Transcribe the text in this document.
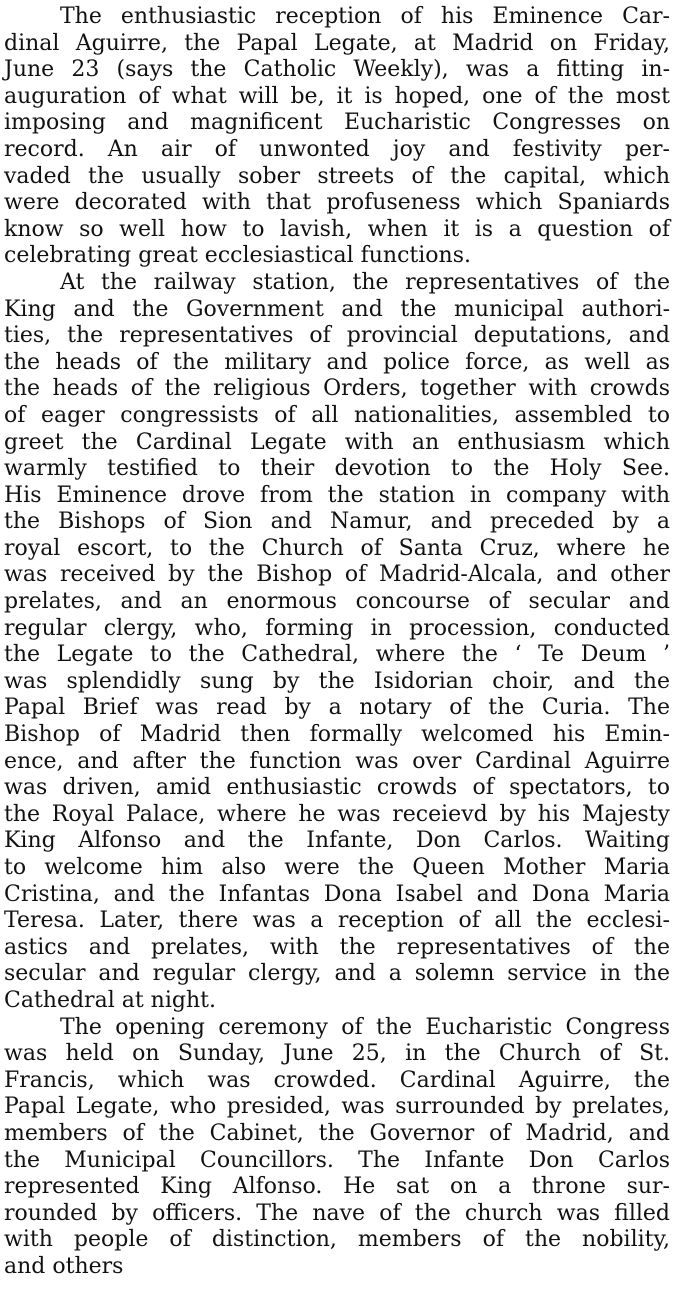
The enthusiastic reception of his Eminence Car-
dinal Aguirre, the Papal Legate, at Madrid on Friday,
June 23 (says the Catholic Weekly), was a fitting in-
auguration of what will be, it is hoped, one of the most
imposing and magnificent Eucharistic Congresses on
record. An air of unwonted joy and festivity per-
vaded the usually sober streets of the capital, which
were decorated with that profuseness which Spaniards
know so well how to lavish, when it is a question of
celebrating great ecclesiastical functions.
At the railway station, the representatives of the
King and the Government and the municipal authori-
ties, the representatives of provincial deputations, and
the heads of the military and police force, as well as
the heads of the religious Orders, together with crowds
of eager congressists of all nationalities, assembled to
greet the Cardinal Legate with an enthusiasm which
warmly testified to their devotion to the Holy See.
His Eminence drove from the station in company with
the Bishops of Sion and Namur, and preceded by a
royal escort, to the Church of Santa Cruz, where he
was received by the Bishop of Madrid-Alcala, and other
prelates, and an enormous concourse of secular and
regular clergy, who, forming in procession, conducted
the Legate to the Cathedral, where the ‘ Te Deum ’
was splendidly sung by the Isidorian choir, and the
Papal Brief was read by a notary of the Curia. The
Bishop of Madrid then formally welcomed his Emin-
ence, and after the function was over Cardinal Aguirre
was driven, amid enthusiastic crowds of spectators, to
the Royal Palace, where he was receievd by his Majesty
King Alfonso and the Infante, Don Carlos. Waiting
to welcome him also were the Queen Mother Maria
Cristina, and the Infantas Dona Isabel and Dona Maria
Teresa. Later, there was a reception of all the ecclesi-
astics and prelates, with the representatives of the
secular and regular clergy, and a solemn service in the
Cathedral at night.
The opening ceremony of the Eucharistic Congress
was held on Sunday, June 25, in the Church of St.
Francis, which was crowded. Cardinal Aguirre, the
Papal Legate, who presided, was surrounded by prelates,
members of the Cabinet, the Governor of Madrid, and
the Municipal Councillors. The Infante Don Carlos
represented King Alfonso. He sat on a throne sur-
rounded by officers. The nave of the church was filled
with people of distinction, members of the nobility,
and others
